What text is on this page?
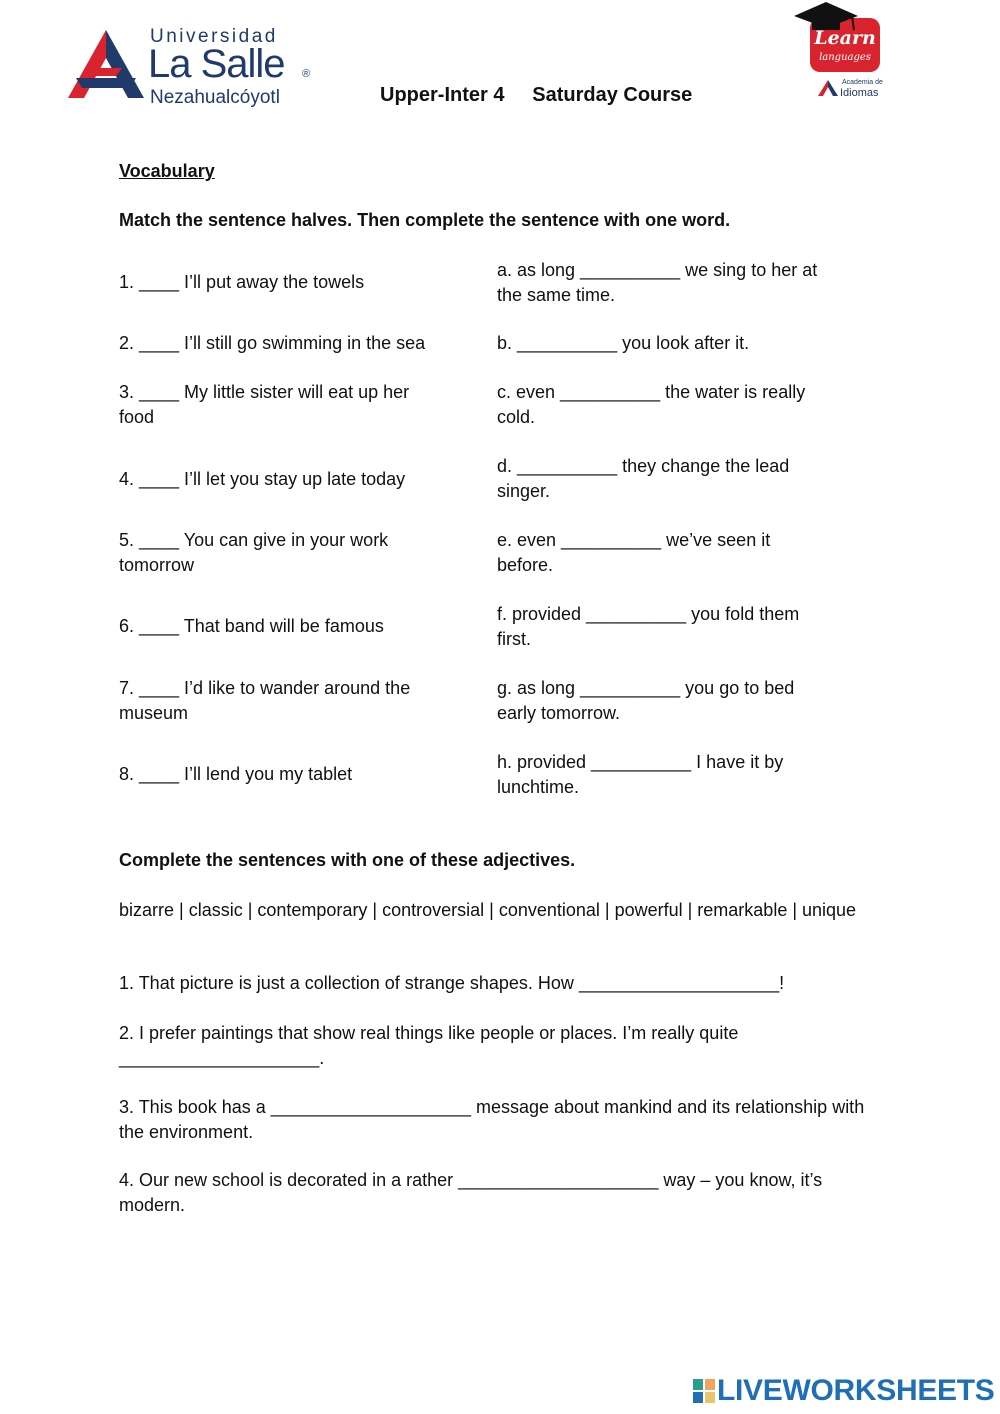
Universidad
La Salle ®
Nezahualcóyotl	Upper-Inter 4     Saturday Course
Learn
languages
Academia de
Idiomas
Vocabulary
Match the sentence halves. Then complete the sentence with one word.
1. ____ I’ll put away the towels
2. ____ I’ll still go swimming in the sea
3. ____ My little sister will eat up her food
4. ____ I’ll let you stay up late today
5. ____ You can give in your work tomorrow
6. ____ That band will be famous
7. ____ I’d like to wander around the museum
8. ____ I’ll lend you my tablet
a. as long __________ we sing to her at the same time.
b. __________ you look after it.
c. even __________ the water is really cold.
d. __________ they change the lead singer.
e. even __________ we’ve seen it before.
f. provided __________ you fold them first.
g. as long __________ you go to bed early tomorrow.
h. provided __________ I have it by lunchtime.
Complete the sentences with one of these adjectives.
bizarre | classic | contemporary | controversial | conventional | powerful | remarkable | unique
1. That picture is just a collection of strange shapes. How ____________________!
2. I prefer paintings that show real things like people or places. I’m really quite ____________________.
3. This book has a ____________________ message about mankind and its relationship with the environment.
4. Our new school is decorated in a rather ____________________ way – you know, it’s modern.
LIVEWORKSHEETS
